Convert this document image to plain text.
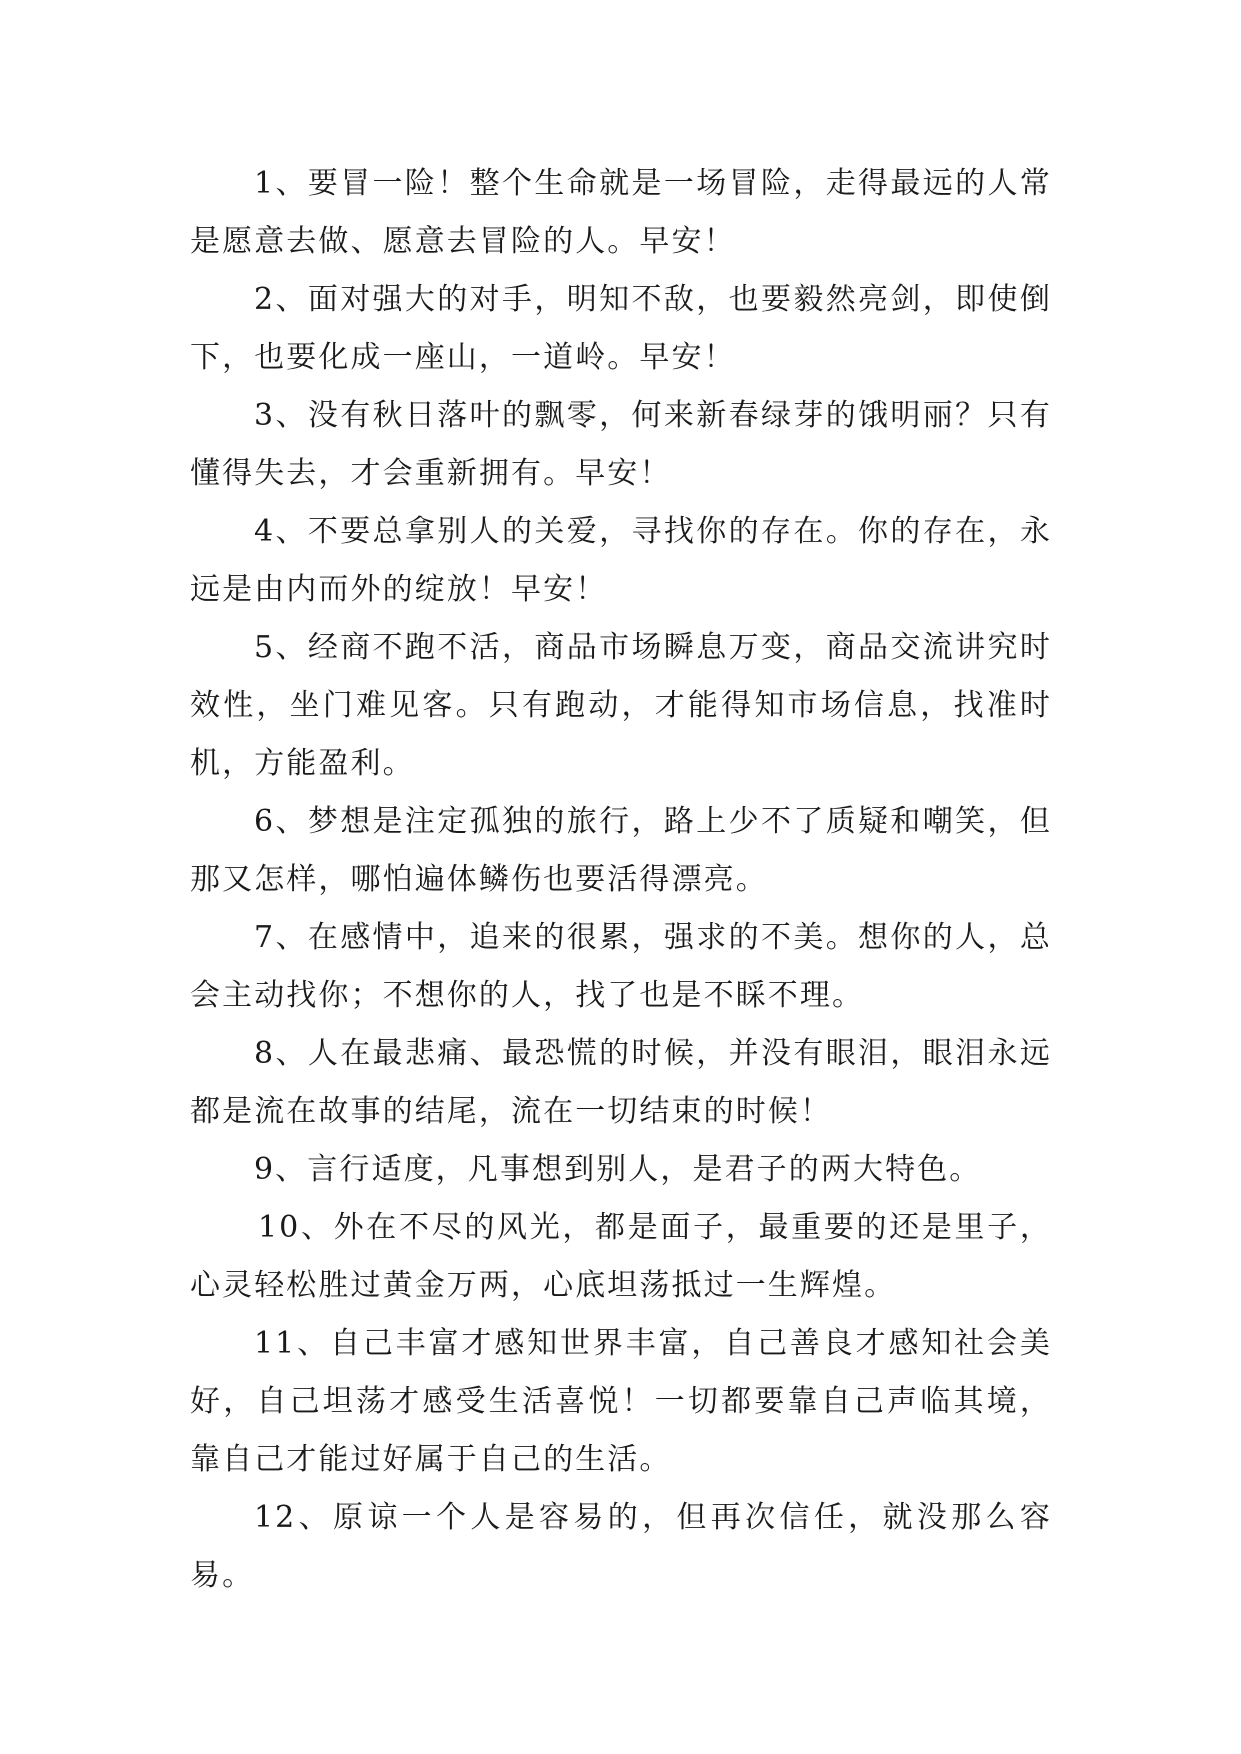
1、要冒一险！整个生命就是一场冒险，走得最远的人常是愿意去做、愿意去冒险的人。早安！

2、面对强大的对手，明知不敌，也要毅然亮剑，即使倒下，也要化成一座山，一道岭。早安！

3、没有秋日落叶的飘零，何来新春绿芽的饿明丽？只有懂得失去，才会重新拥有。早安！

4、不要总拿别人的关爱，寻找你的存在。你的存在，永远是由内而外的绽放！早安！

5、经商不跑不活，商品市场瞬息万变，商品交流讲究时效性，坐门难见客。只有跑动，才能得知市场信息，找准时机，方能盈利。

6、梦想是注定孤独的旅行，路上少不了质疑和嘲笑，但那又怎样，哪怕遍体鳞伤也要活得漂亮。

7、在感情中，追来的很累，强求的不美。想你的人，总会主动找你；不想你的人，找了也是不睬不理。

8、人在最悲痛、最恐慌的时候，并没有眼泪，眼泪永远都是流在故事的结尾，流在一切结束的时候！

9、言行适度，凡事想到别人，是君子的两大特色。

10、外在不尽的风光，都是面子，最重要的还是里子，心灵轻松胜过黄金万两，心底坦荡抵过一生辉煌。

11、自己丰富才感知世界丰富，自己善良才感知社会美好，自己坦荡才感受生活喜悦！一切都要靠自己声临其境，靠自己才能过好属于自己的生活。

12、原谅一个人是容易的，但再次信任，就没那么容易。
